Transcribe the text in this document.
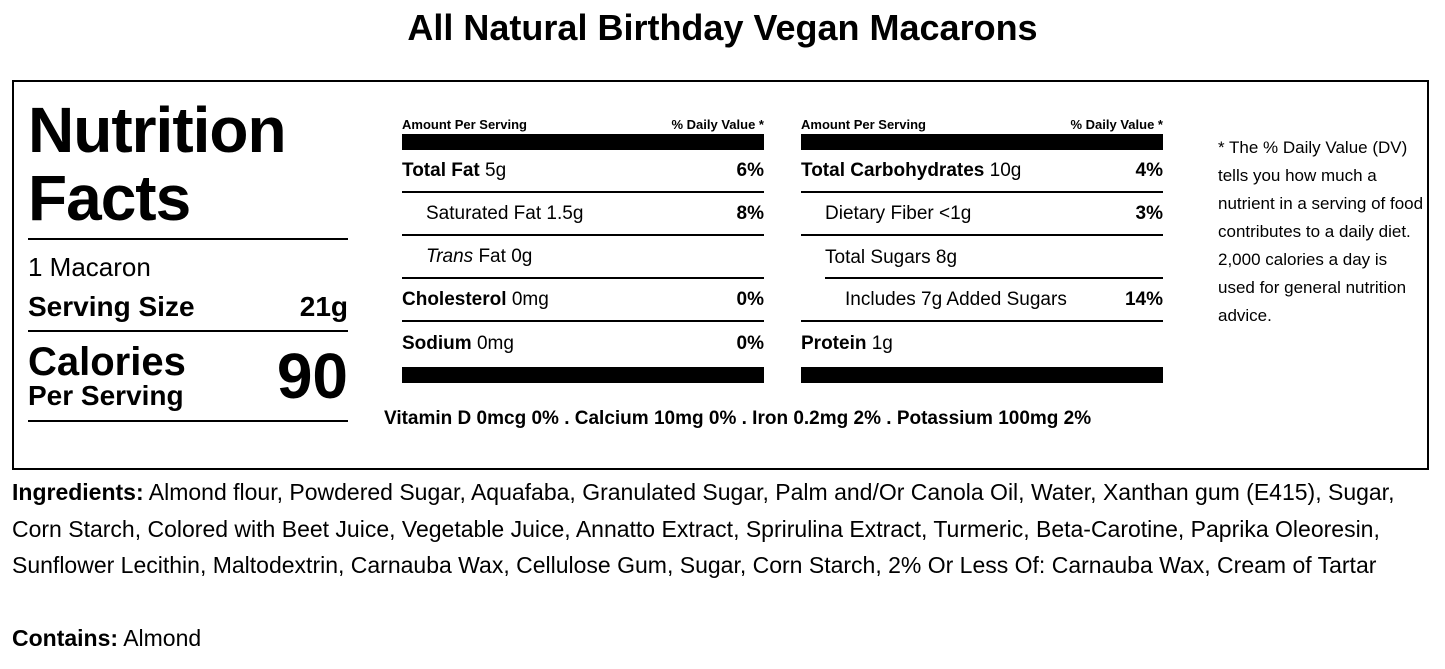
All Natural Birthday Vegan Macarons
Nutrition
Facts
1 Macaron
Serving Size	21g
Calories
Per Serving 90
Amount Per Serving	% Daily Value *
Total Fat 5g	6%
Saturated Fat 1.5g	8%
Trans Fat 0g
Cholesterol 0mg	0%
Sodium 0mg	0%
Amount Per Serving	% Daily Value *
Total Carbohydrates 10g	4%
Dietary Fiber <1g	3%
Total Sugars 8g
Includes 7g Added Sugars	14%
Protein 1g
Vitamin D 0mcg 0% . Calcium 10mg 0% . Iron 0.2mg 2% . Potassium 100mg 2%
* The % Daily Value (DV) tells you how much a nutrient in a serving of food contributes to a daily diet. 2,000 calories a day is used for general nutrition advice.
Ingredients: Almond flour, Powdered Sugar, Aquafaba, Granulated Sugar, Palm and/Or Canola Oil, Water, Xanthan gum (E415), Sugar, Corn Starch, Colored with Beet Juice, Vegetable Juice, Annatto Extract, Sprirulina Extract, Turmeric, Beta-Carotine, Paprika Oleoresin, Sunflower Lecithin, Maltodextrin, Carnauba Wax, Cellulose Gum, Sugar, Corn Starch, 2% Or Less Of: Carnauba Wax, Cream of Tartar
Contains: Almond
